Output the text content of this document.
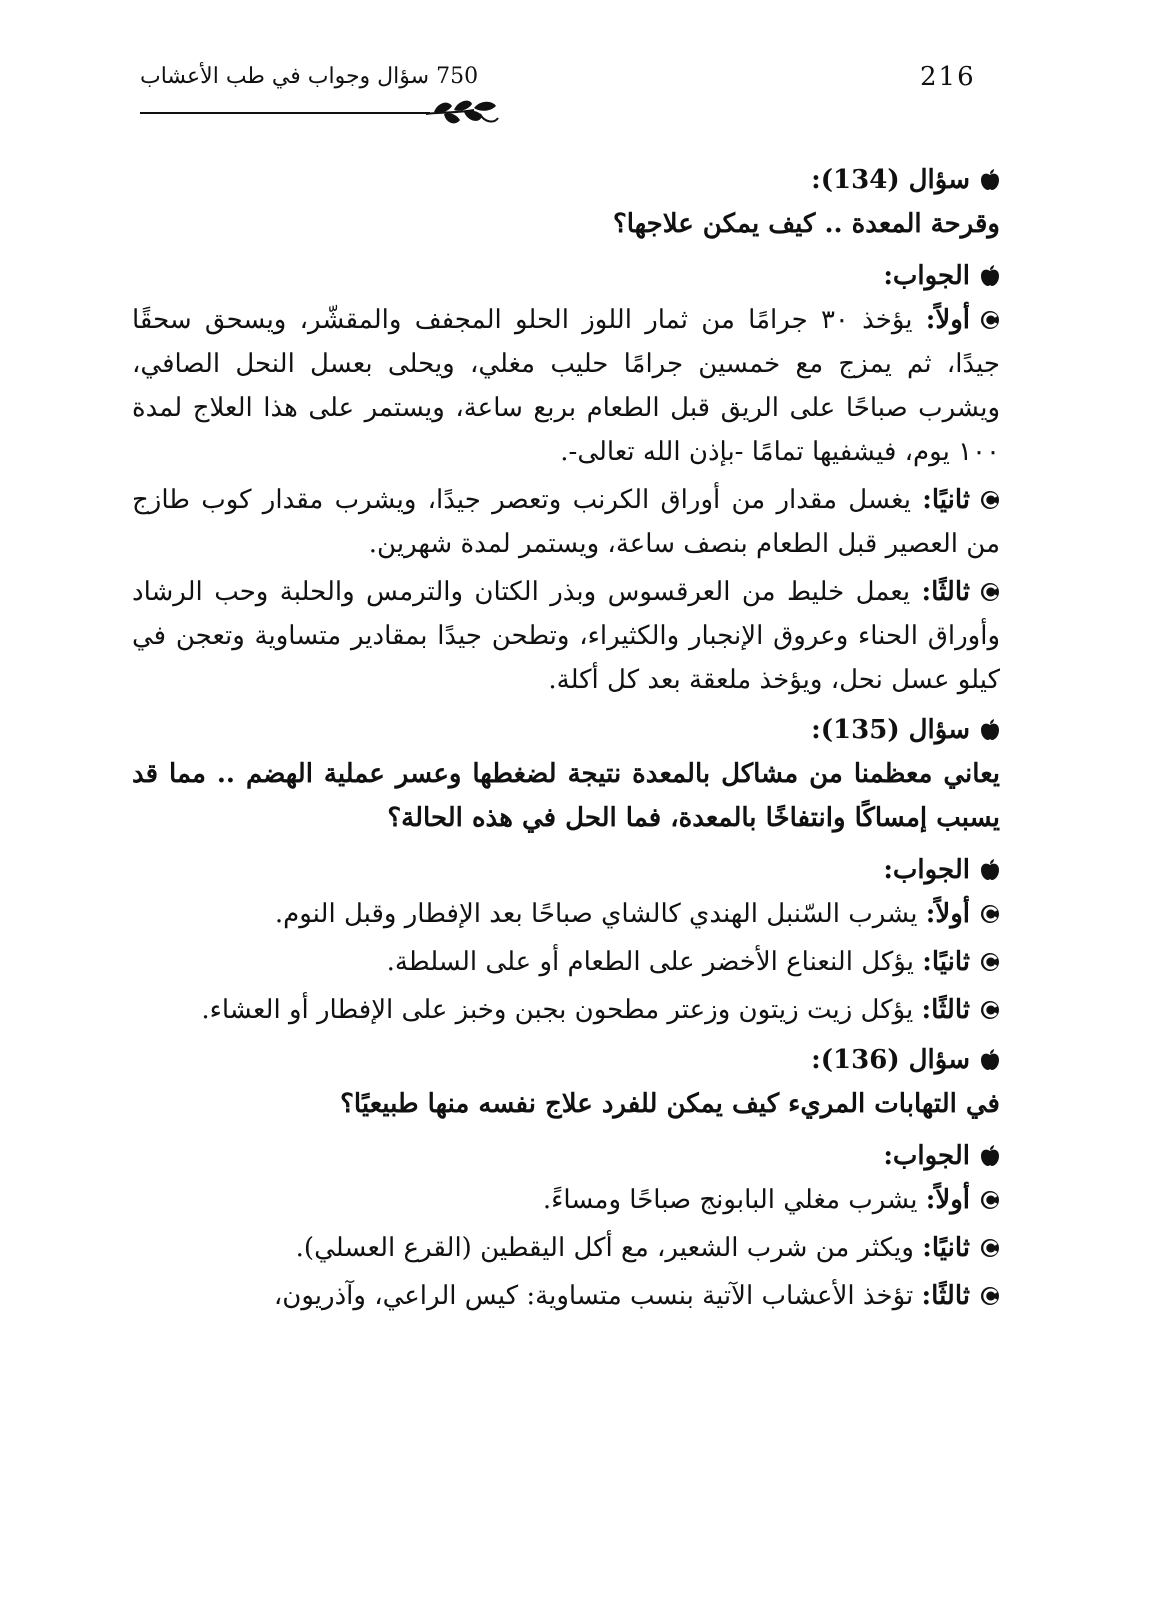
750 سؤال وجواب في طب الأعشاب	216
سؤال (134):

وقرحة المعدة .. كيف يمكن علاجها؟

الجواب:

أولاً: يؤخذ ٣٠ جرامًا من ثمار اللوز الحلو المجفف والمقشّر، ويسحق سحقًا جيدًا، ثم يمزج مع خمسين جرامًا حليب مغلي، ويحلى بعسل النحل الصافي، ويشرب صباحًا على الريق قبل الطعام بربع ساعة، ويستمر على هذا العلاج لمدة ١٠٠ يوم، فيشفيها تمامًا -بإذن الله تعالى-.

ثانيًا: يغسل مقدار من أوراق الكرنب وتعصر جيدًا، ويشرب مقدار كوب طازج من العصير قبل الطعام بنصف ساعة، ويستمر لمدة شهرين.

ثالثًا: يعمل خليط من العرقسوس وبذر الكتان والترمس والحلبة وحب الرشاد وأوراق الحناء وعروق الإنجبار والكثيراء، وتطحن جيدًا بمقادير متساوية وتعجن في كيلو عسل نحل، ويؤخذ ملعقة بعد كل أكلة.

سؤال (135):

يعاني معظمنا من مشاكل بالمعدة نتيجة لضغطها وعسر عملية الهضم .. مما قد يسبب إمساكًا وانتفاخًا بالمعدة، فما الحل في هذه الحالة؟

الجواب:

أولاً: يشرب السّنبل الهندي كالشاي صباحًا بعد الإفطار وقبل النوم.

ثانيًا: يؤكل النعناع الأخضر على الطعام أو على السلطة.

ثالثًا: يؤكل زيت زيتون وزعتر مطحون بجبن وخبز على الإفطار أو العشاء.

سؤال (136):

في التهابات المريء كيف يمكن للفرد علاج نفسه منها طبيعيًا؟

الجواب:

أولاً: يشرب مغلي البابونج صباحًا ومساءً.

ثانيًا: ويكثر من شرب الشعير، مع أكل اليقطين (القرع العسلي).

ثالثًا: تؤخذ الأعشاب الآتية بنسب متساوية: كيس الراعي، وآذريون،
